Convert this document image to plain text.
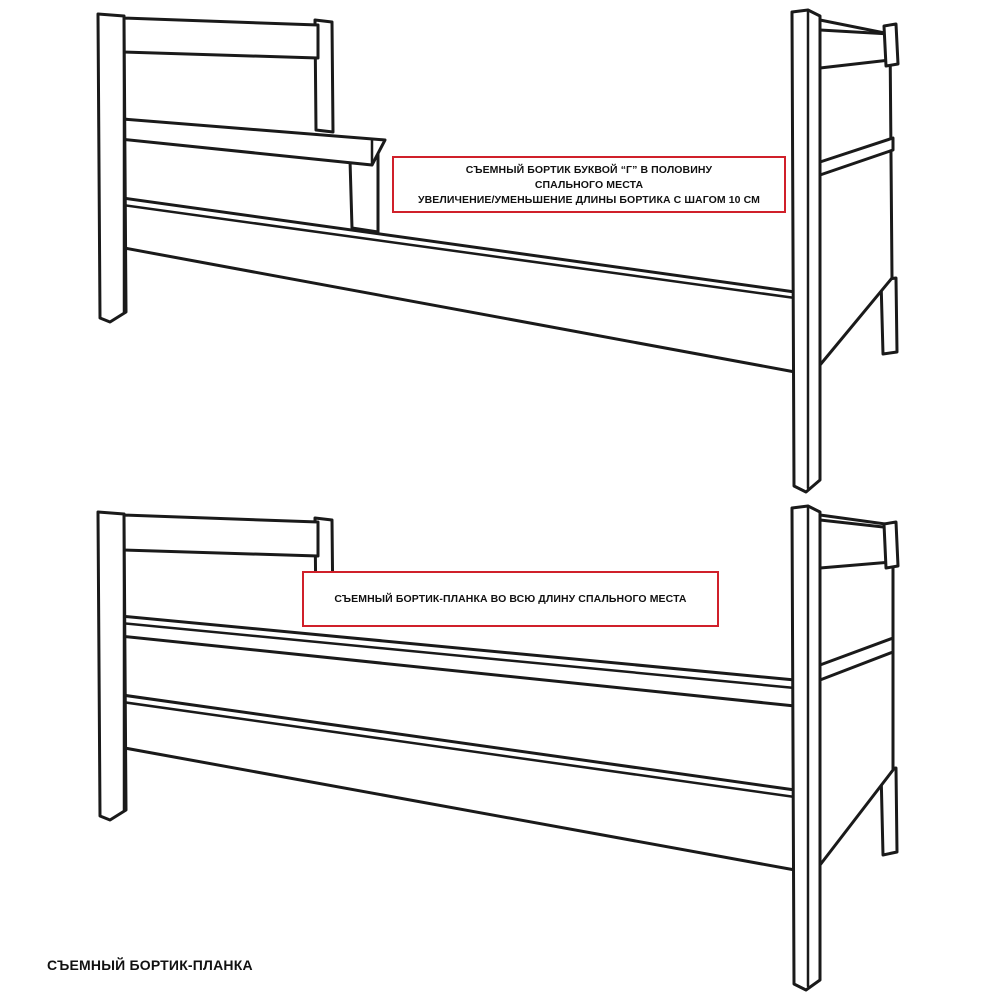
СЪЕМНЫЙ БОРТИК БУКВОЙ “Г” В ПОЛОВИНУ
СПАЛЬНОГО МЕСТА
УВЕЛИЧЕНИЕ/УМЕНЬШЕНИЕ ДЛИНЫ БОРТИКА С ШАГОМ 10 СМ
СЪЕМНЫЙ БОРТИК-ПЛАНКА ВО ВСЮ ДЛИНУ СПАЛЬНОГО МЕСТА
СЪЕМНЫЙ БОРТИК-ПЛАНКА
